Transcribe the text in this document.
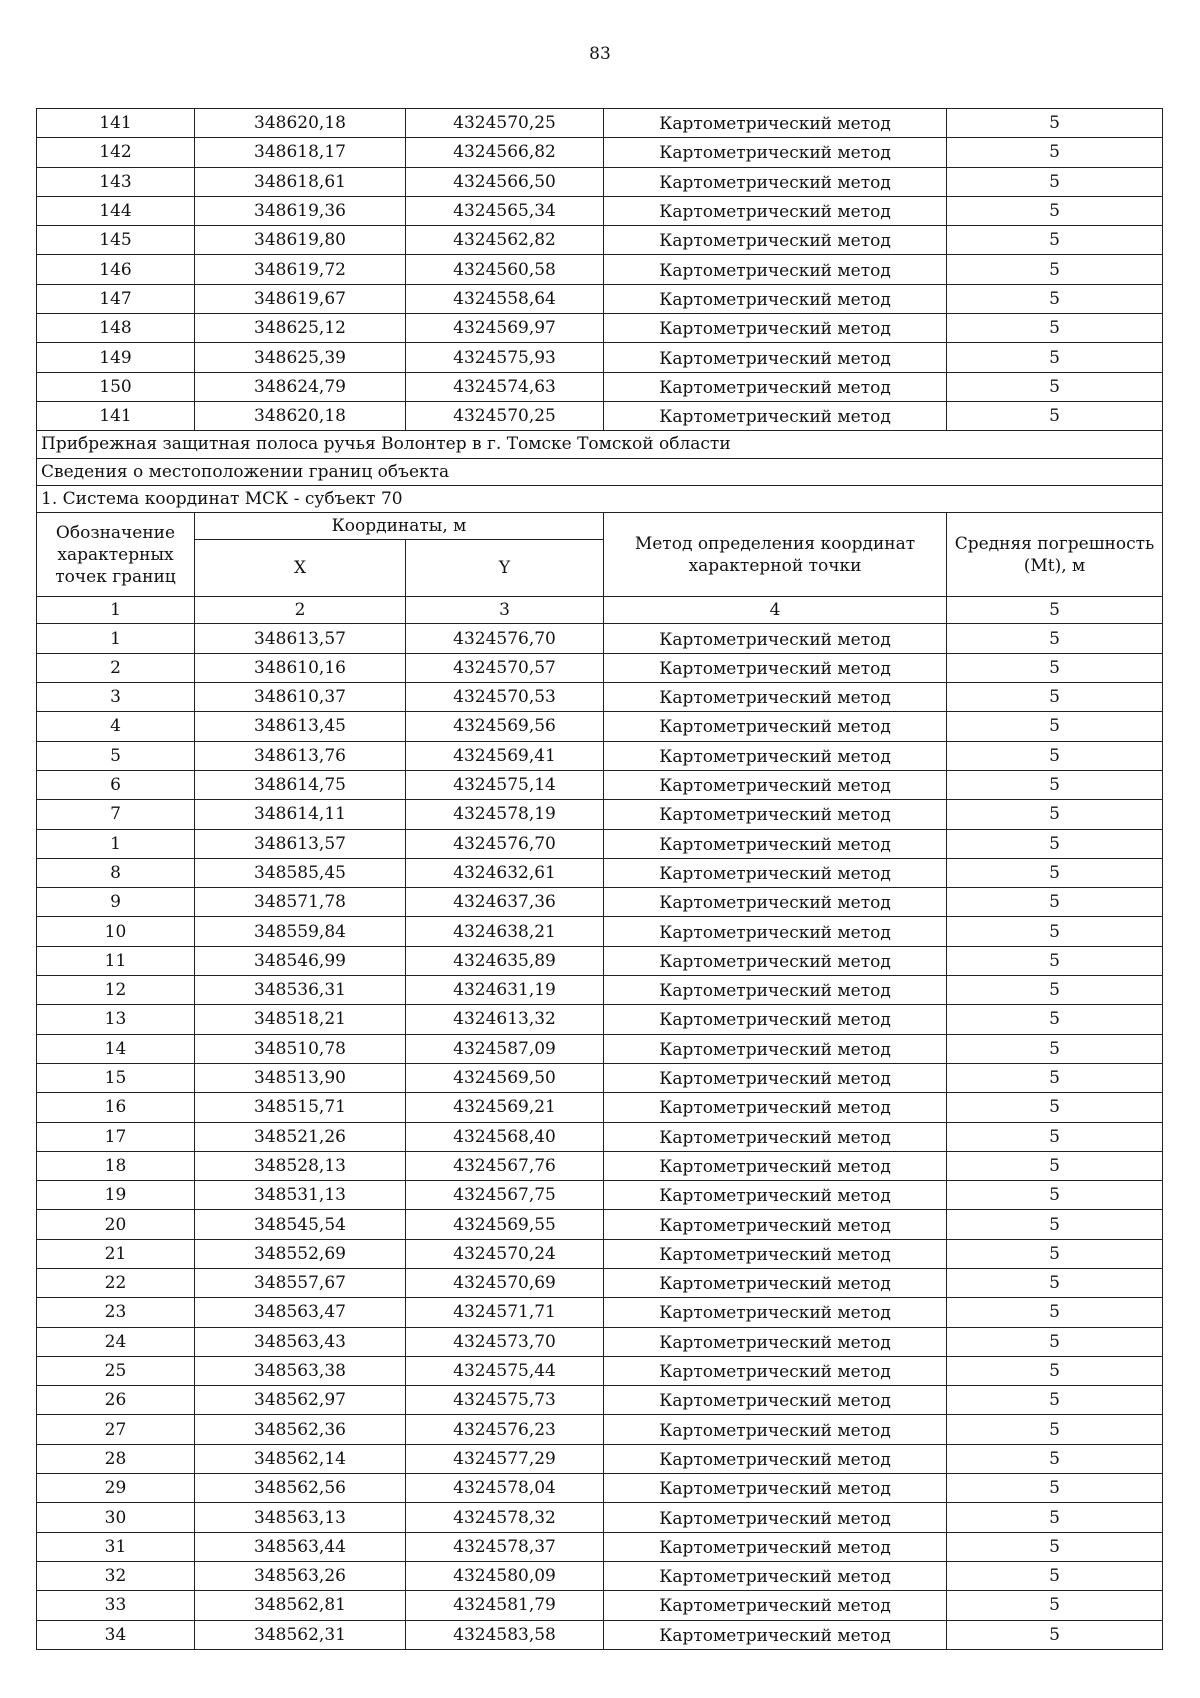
83
141	348620,18	4324570,25	Картометрический метод	5
142	348618,17	4324566,82	Картометрический метод	5
143	348618,61	4324566,50	Картометрический метод	5
144	348619,36	4324565,34	Картометрический метод	5
145	348619,80	4324562,82	Картометрический метод	5
146	348619,72	4324560,58	Картометрический метод	5
147	348619,67	4324558,64	Картометрический метод	5
148	348625,12	4324569,97	Картометрический метод	5
149	348625,39	4324575,93	Картометрический метод	5
150	348624,79	4324574,63	Картометрический метод	5
141	348620,18	4324570,25	Картометрический метод	5
Прибрежная защитная полоса ручья Волонтер в г. Томске Томской области				
Сведения о местоположении границ объекта				
1. Система координат МСК - субъект 70				
Обозначение характерных точек границ	Координаты, м		Метод определения координат характерной точки	Средняя погрешность (Mt), м
	X	Y		
1	2	3	4	5
1	348613,57	4324576,70	Картометрический метод	5
2	348610,16	4324570,57	Картометрический метод	5
3	348610,37	4324570,53	Картометрический метод	5
4	348613,45	4324569,56	Картометрический метод	5
5	348613,76	4324569,41	Картометрический метод	5
6	348614,75	4324575,14	Картометрический метод	5
7	348614,11	4324578,19	Картометрический метод	5
1	348613,57	4324576,70	Картометрический метод	5
8	348585,45	4324632,61	Картометрический метод	5
9	348571,78	4324637,36	Картометрический метод	5
10	348559,84	4324638,21	Картометрический метод	5
11	348546,99	4324635,89	Картометрический метод	5
12	348536,31	4324631,19	Картометрический метод	5
13	348518,21	4324613,32	Картометрический метод	5
14	348510,78	4324587,09	Картометрический метод	5
15	348513,90	4324569,50	Картометрический метод	5
16	348515,71	4324569,21	Картометрический метод	5
17	348521,26	4324568,40	Картометрический метод	5
18	348528,13	4324567,76	Картометрический метод	5
19	348531,13	4324567,75	Картометрический метод	5
20	348545,54	4324569,55	Картометрический метод	5
21	348552,69	4324570,24	Картометрический метод	5
22	348557,67	4324570,69	Картометрический метод	5
23	348563,47	4324571,71	Картометрический метод	5
24	348563,43	4324573,70	Картометрический метод	5
25	348563,38	4324575,44	Картометрический метод	5
26	348562,97	4324575,73	Картометрический метод	5
27	348562,36	4324576,23	Картометрический метод	5
28	348562,14	4324577,29	Картометрический метод	5
29	348562,56	4324578,04	Картометрический метод	5
30	348563,13	4324578,32	Картометрический метод	5
31	348563,44	4324578,37	Картометрический метод	5
32	348563,26	4324580,09	Картометрический метод	5
33	348562,81	4324581,79	Картометрический метод	5
34	348562,31	4324583,58	Картометрический метод	5
